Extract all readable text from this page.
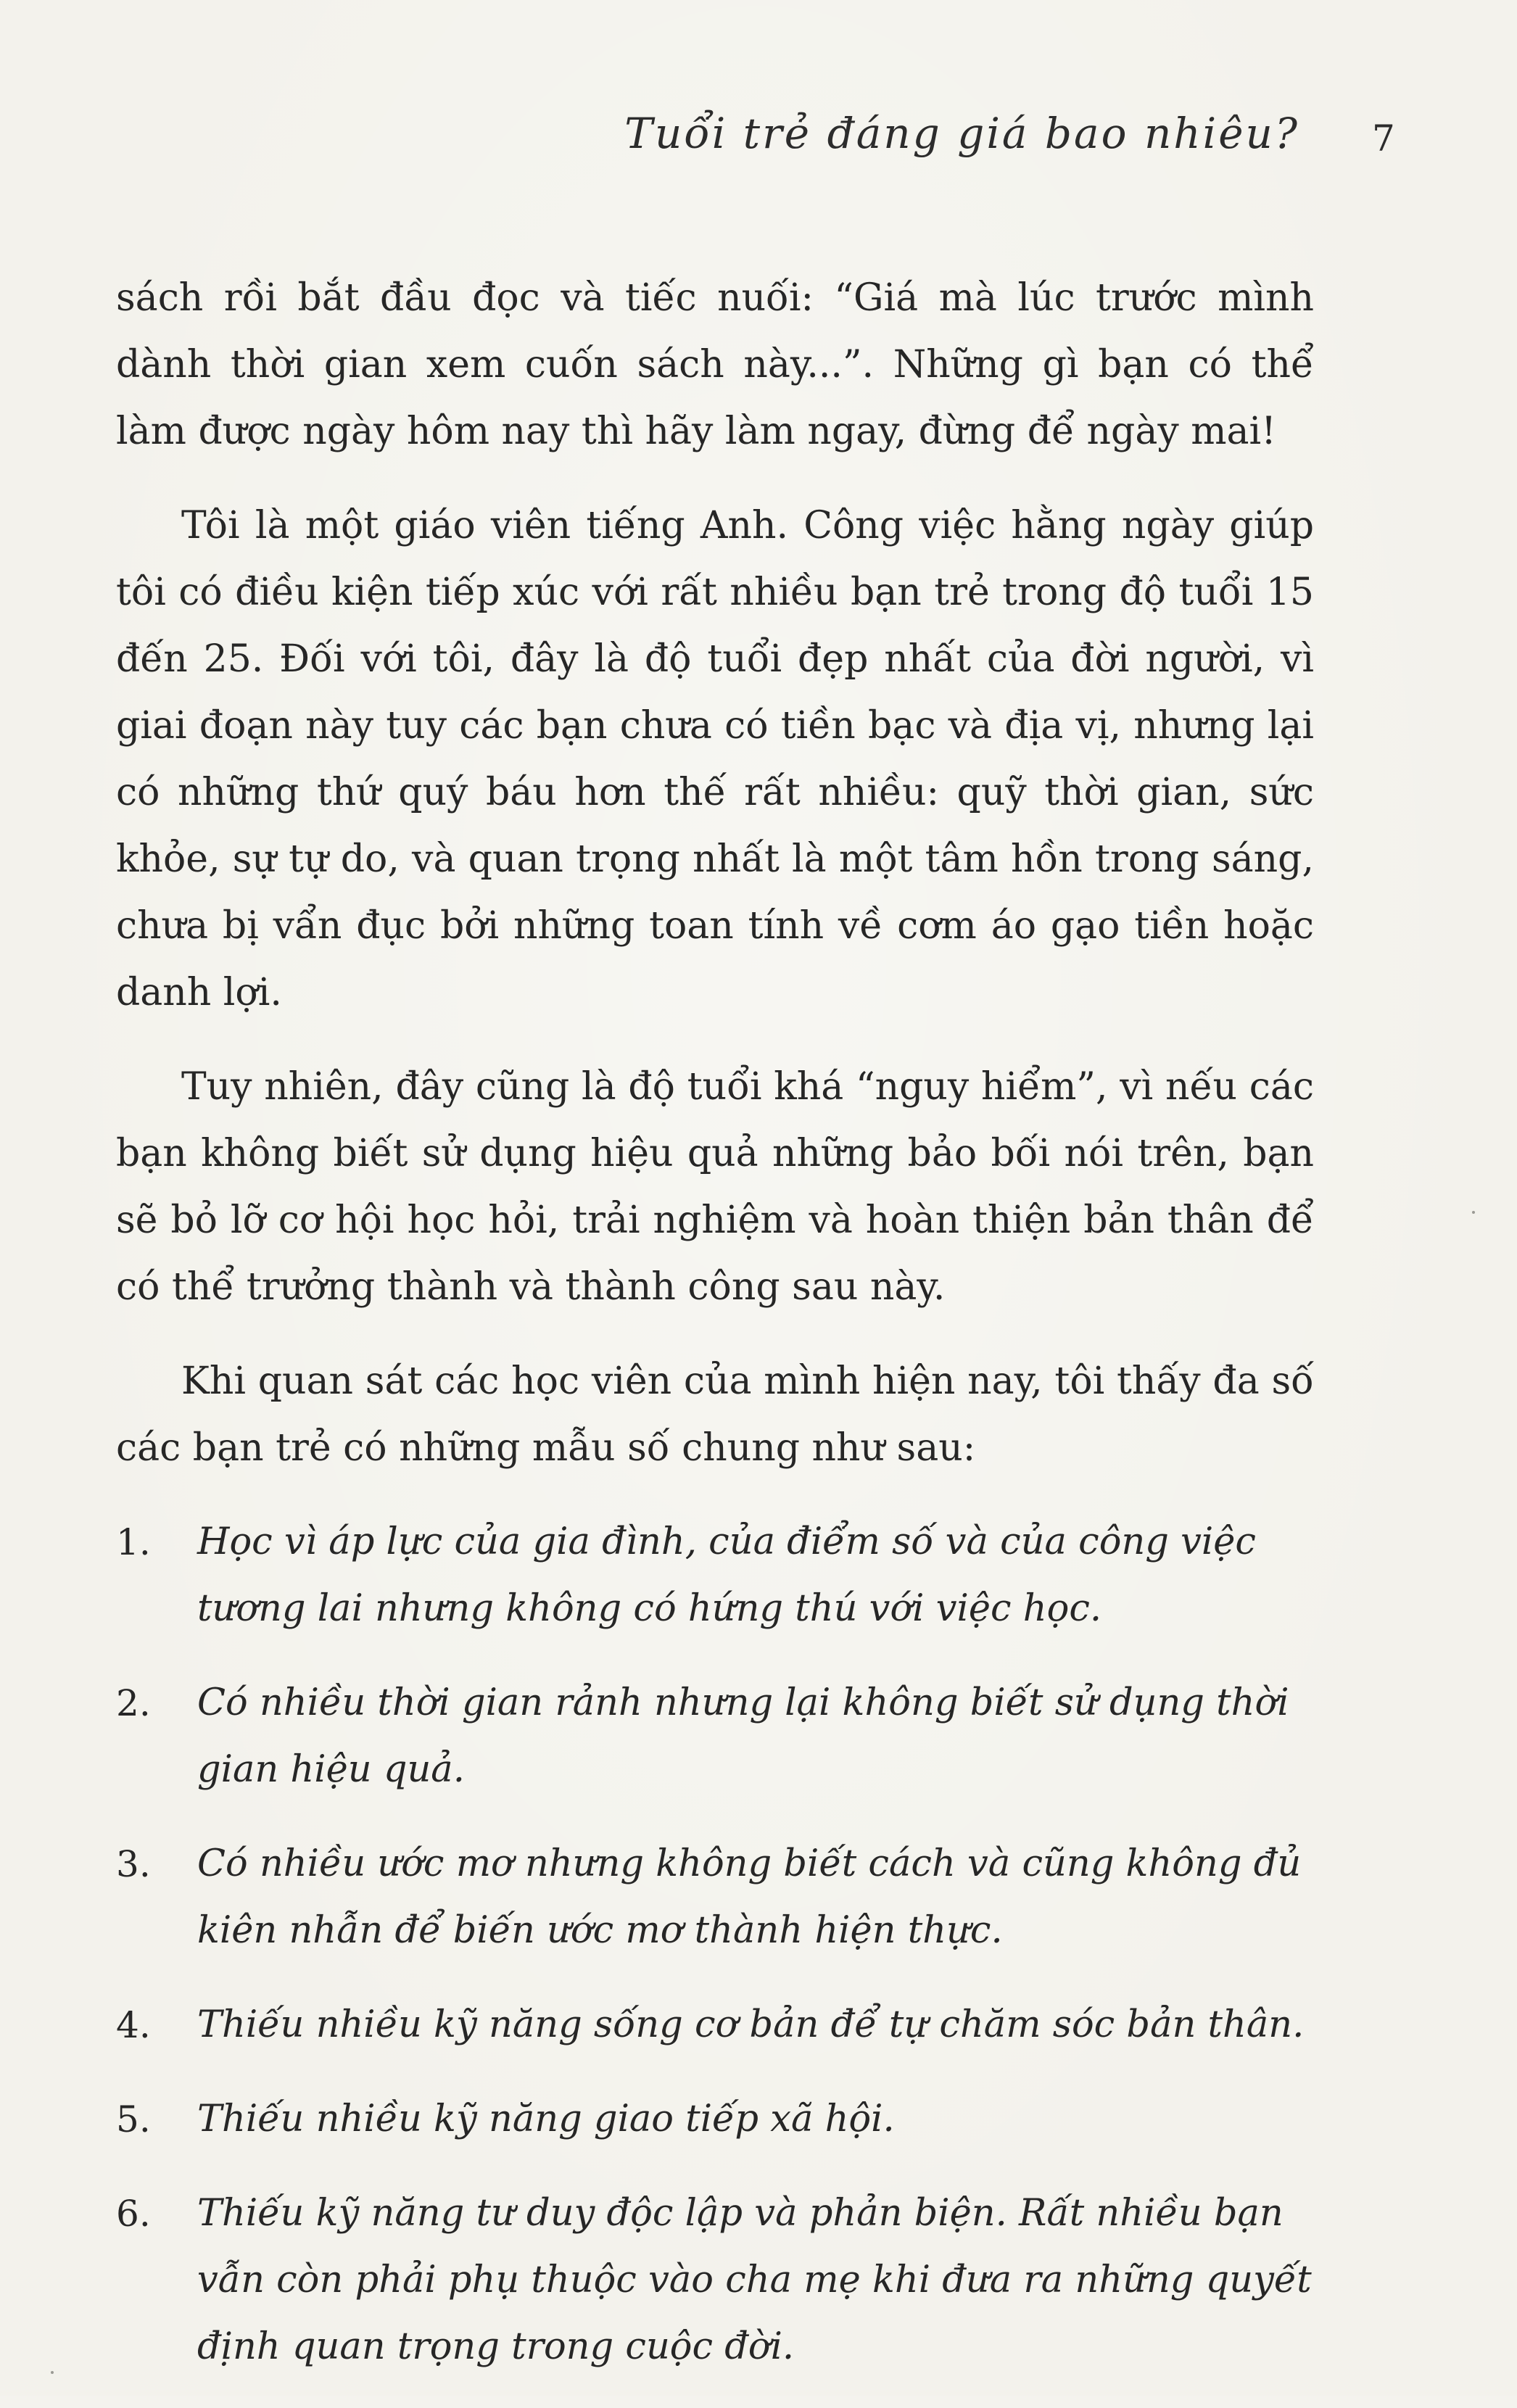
Tuổi trẻ đáng giá bao nhiêu? 7

sách rồi bắt đầu đọc và tiếc nuối: “Giá mà lúc trước mình dành thời gian xem cuốn sách này...”. Những gì bạn có thể làm được ngày hôm nay thì hãy làm ngay, đừng để ngày mai!

Tôi là một giáo viên tiếng Anh. Công việc hằng ngày giúp tôi có điều kiện tiếp xúc với rất nhiều bạn trẻ trong độ tuổi 15 đến 25. Đối với tôi, đây là độ tuổi đẹp nhất của đời người, vì giai đoạn này tuy các bạn chưa có tiền bạc và địa vị, nhưng lại có những thứ quý báu hơn thế rất nhiều: quỹ thời gian, sức khỏe, sự tự do, và quan trọng nhất là một tâm hồn trong sáng, chưa bị vẩn đục bởi những toan tính về cơm áo gạo tiền hoặc danh lợi.

Tuy nhiên, đây cũng là độ tuổi khá “nguy hiểm”, vì nếu các bạn không biết sử dụng hiệu quả những bảo bối nói trên, bạn sẽ bỏ lỡ cơ hội học hỏi, trải nghiệm và hoàn thiện bản thân để có thể trưởng thành và thành công sau này.

Khi quan sát các học viên của mình hiện nay, tôi thấy đa số các bạn trẻ có những mẫu số chung như sau:

1 .	Học vì áp lực của gia đình, của điểm số và của công việc tương lai nhưng không có hứng thú với việc học.
2 .	Có nhiều thời gian rảnh nhưng lại không biết sử dụng thời gian hiệu quả.
3 .	Có nhiều ước mơ nhưng không biết cách và cũng không đủ kiên nhẫn để biến ước mơ thành hiện thực.
4 .	Thiếu nhiều kỹ năng sống cơ bản để tự chăm sóc bản thân.
5 .	Thiếu nhiều kỹ năng giao tiếp xã hội.
6 .	Thiếu kỹ năng tư duy độc lập và phản biện. Rất nhiều bạn vẫn còn phải phụ thuộc vào cha mẹ khi đưa ra những quyết định quan trọng trong cuộc đời.
